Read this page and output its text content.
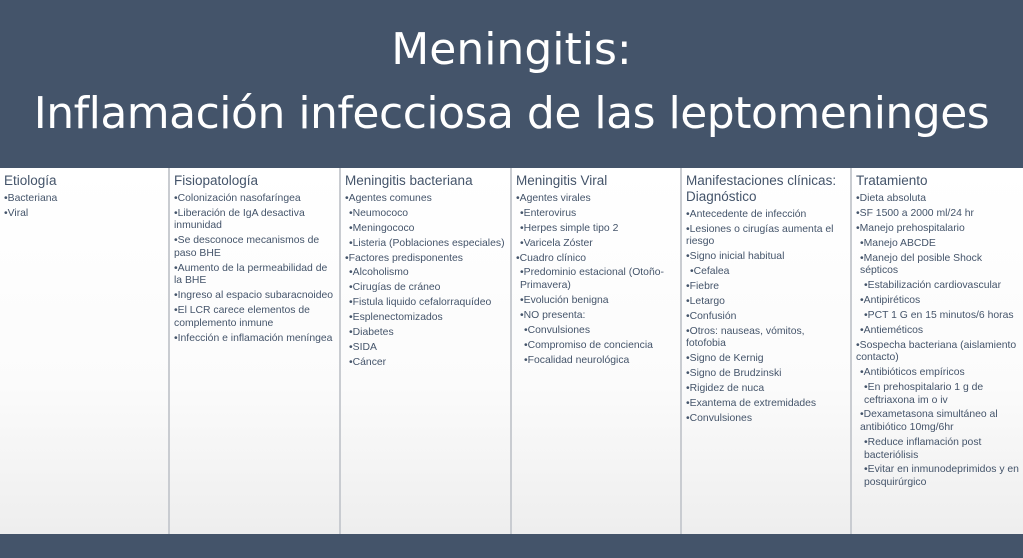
Meningitis:
Inflamación infecciosa de las leptomeninges
Etiología
•Bacteriana
•Viral
Fisiopatología
•Colonización nasofaríngea
•Liberación de IgA desactiva inmunidad
•Se desconoce mecanismos de paso BHE
•Aumento de la permeabilidad de la BHE
•Ingreso al espacio subaracnoideo
•El LCR carece elementos de complemento inmune
•Infección e inflamación meníngea
Meningitis bacteriana
•Agentes comunes
•Neumococo
•Meningococo
•Listeria (Poblaciones especiales)
•Factores predisponentes
•Alcoholismo
•Cirugías de cráneo
•Fistula liquido cefalorraquídeo
•Esplenectomizados
•Diabetes
•SIDA
•Cáncer
Meningitis Viral
•Agentes virales
•Enterovirus
•Herpes simple tipo 2
•Varicela Zóster
•Cuadro clínico
•Predominio estacional (Otoño-Primavera)
•Evolución benigna
•NO presenta:
•Convulsiones
•Compromiso de conciencia
•Focalidad neurológica
Manifestaciones clínicas: Diagnóstico
•Antecedente de infección
•Lesiones o cirugías aumenta el riesgo
•Signo inicial habitual
•Cefalea
•Fiebre
•Letargo
•Confusión
•Otros: nauseas, vómitos, fotofobia
•Signo de Kernig
•Signo de Brudzinski
•Rigidez de nuca
•Exantema de extremidades
•Convulsiones
Tratamiento
•Dieta absoluta
•SF 1500 a 2000 ml/24 hr
•Manejo prehospitalario
•Manejo ABCDE
•Manejo del posible Shock sépticos
•Estabilización cardiovascular
•Antipiréticos
•PCT 1 G en 15 minutos/6 horas
•Antieméticos
•Sospecha bacteriana (aislamiento contacto)
•Antibióticos empíricos
•En prehospitalario 1 g de ceftriaxona im o iv
•Dexametasona simultáneo al antibiótico 10mg/6hr
•Reduce inflamación post bacteriólisis
•Evitar en inmunodeprimidos y en posquirúrgico
